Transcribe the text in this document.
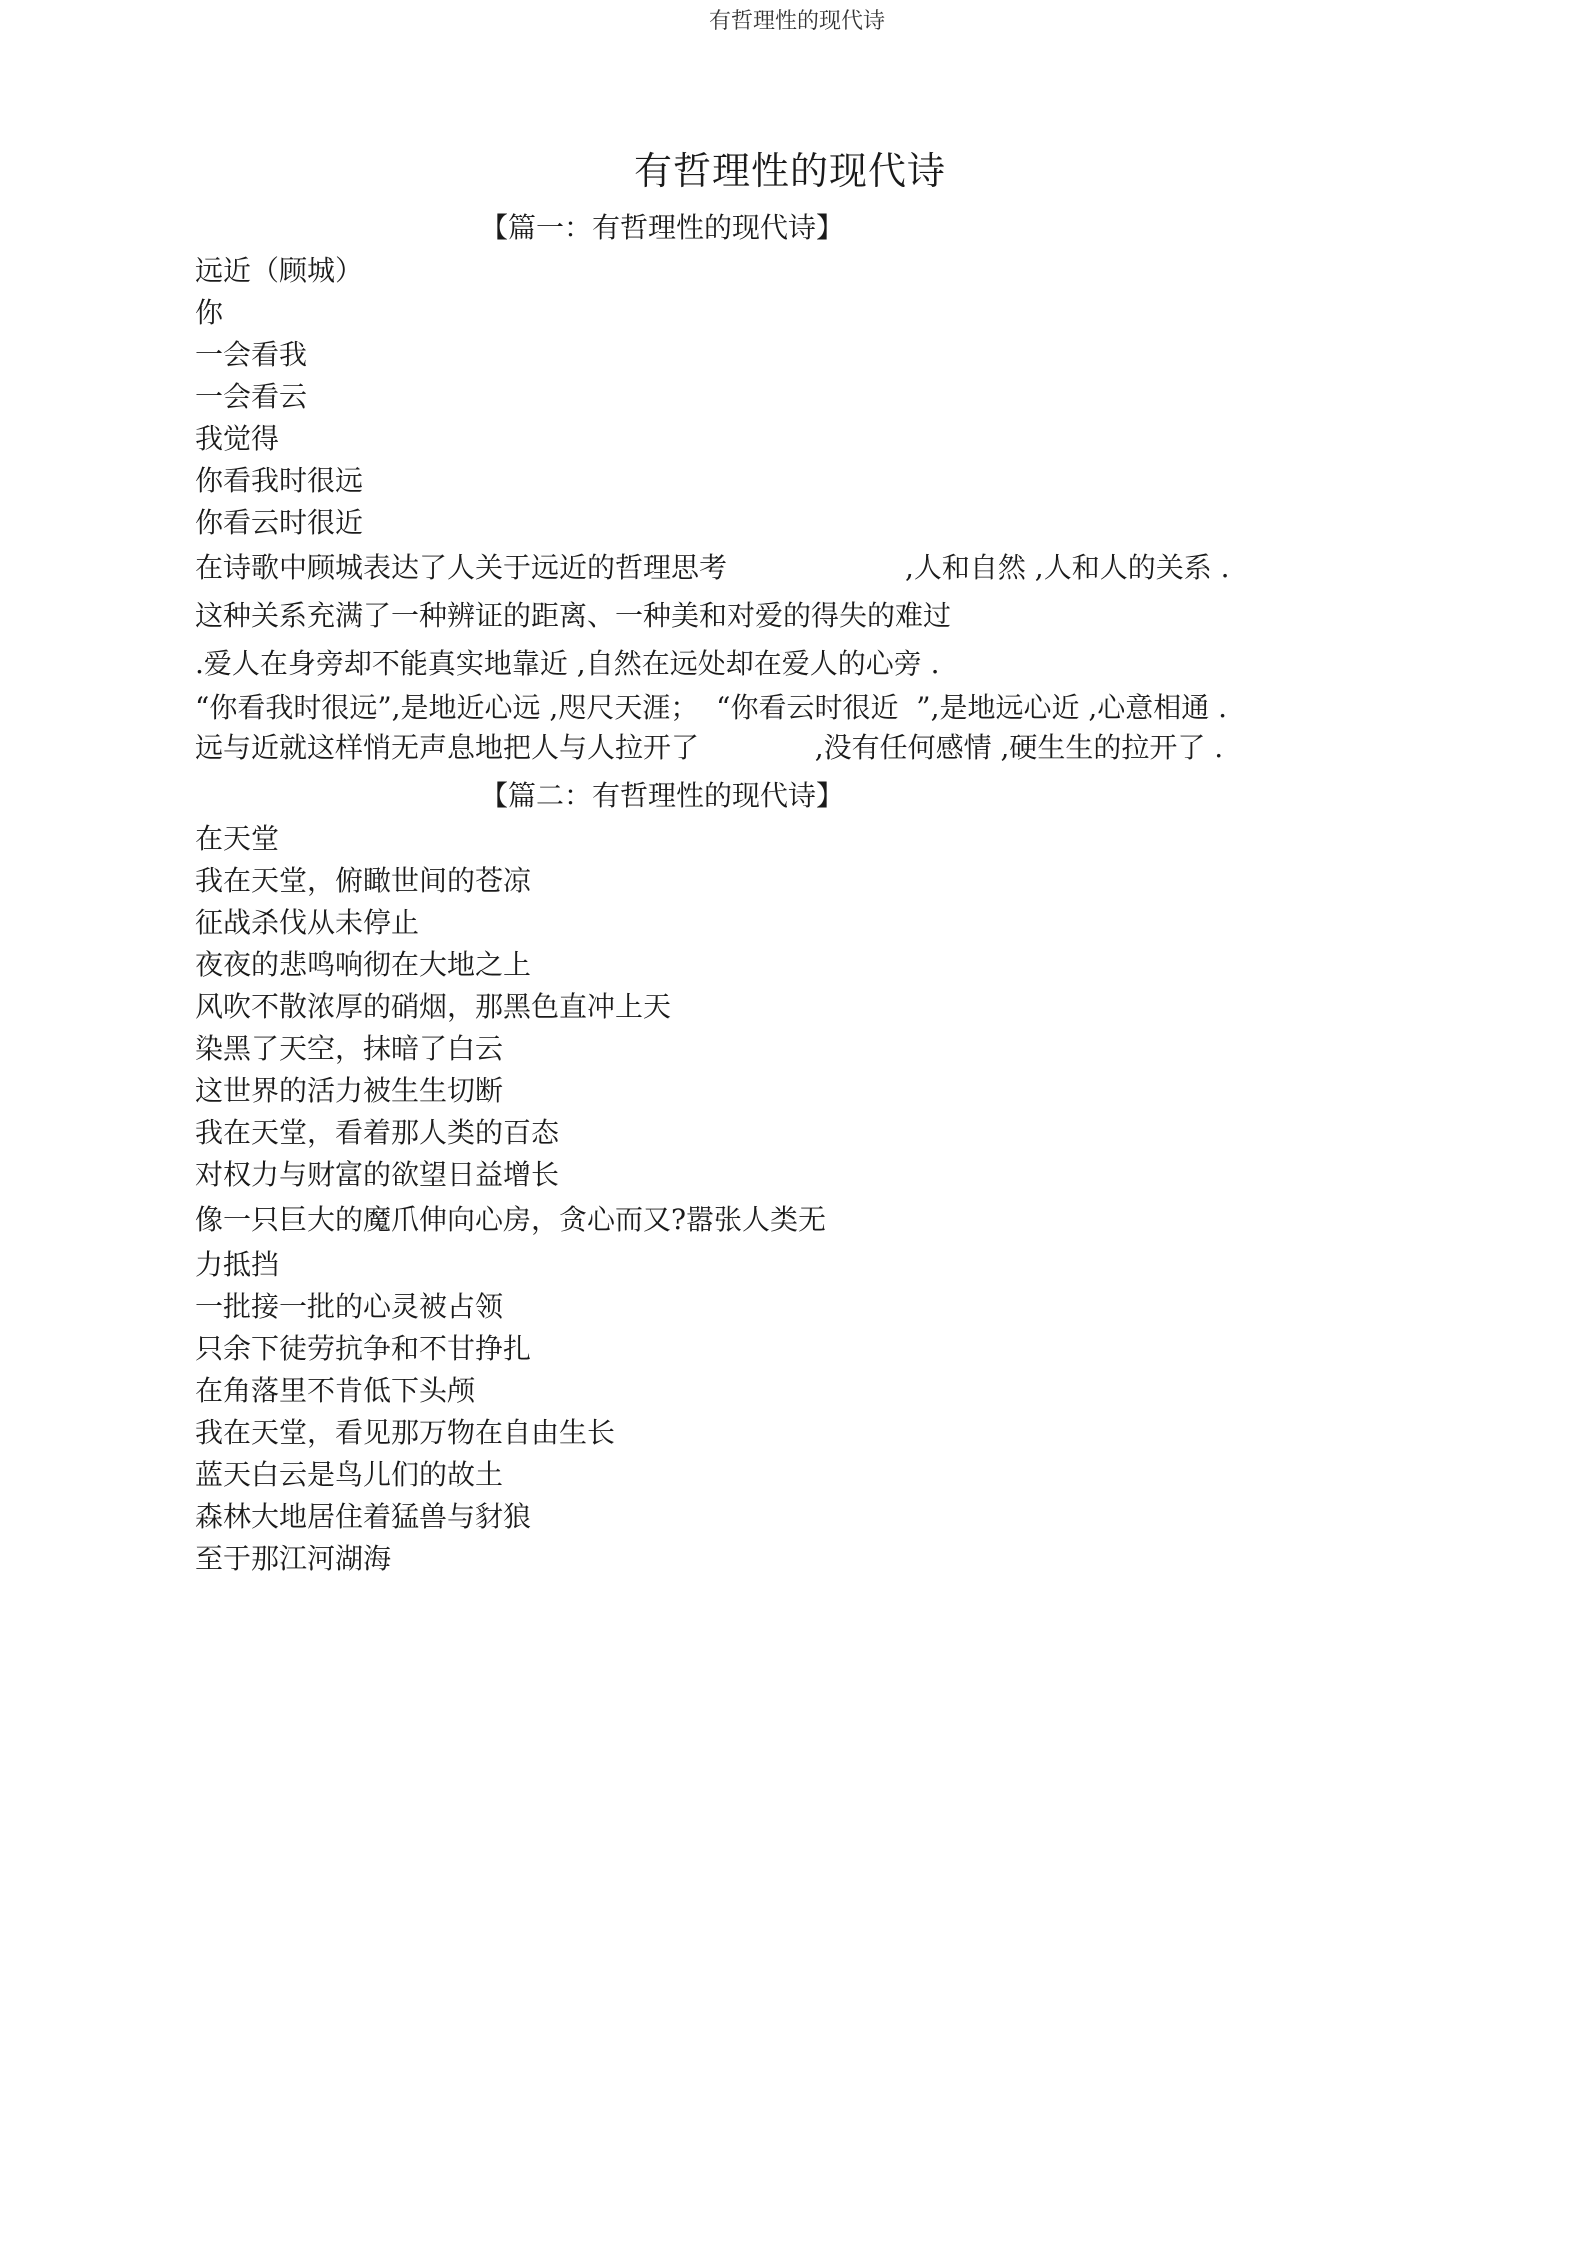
有哲理性的现代诗
有哲理性的现代诗
【篇一：有哲理性的现代诗】
远近（顾城）
你
一会看我
一会看云
我觉得
你看我时很远
你看云时很近
在诗歌中顾城表达了人关于远近的哲理思考                    ,人和自然 ,人和人的关系 .
这种关系充满了一种辨证的距离、一种美和对爱的得失的难过
.爱人在身旁却不能真实地靠近 ,自然在远处却在爱人的心旁 .
“你看我时很远”,是地近心远 ,咫尺天涯；  “你看云时很近  ”,是地远心近 ,心意相通 .
远与近就这样悄无声息地把人与人拉开了             ,没有任何感情 ,硬生生的拉开了 .
【篇二：有哲理性的现代诗】
在天堂
我在天堂，俯瞰世间的苍凉
征战杀伐从未停止
夜夜的悲鸣响彻在大地之上
风吹不散浓厚的硝烟，那黑色直冲上天
染黑了天空，抹暗了白云
这世界的活力被生生切断
我在天堂，看着那人类的百态
对权力与财富的欲望日益增长
像一只巨大的魔爪伸向心房，贪心而又?嚣张人类无
力抵挡
一批接一批的心灵被占领
只余下徒劳抗争和不甘挣扎
在角落里不肯低下头颅
我在天堂，看见那万物在自由生长
蓝天白云是鸟儿们的故土
森林大地居住着猛兽与豺狼
至于那江河湖海
